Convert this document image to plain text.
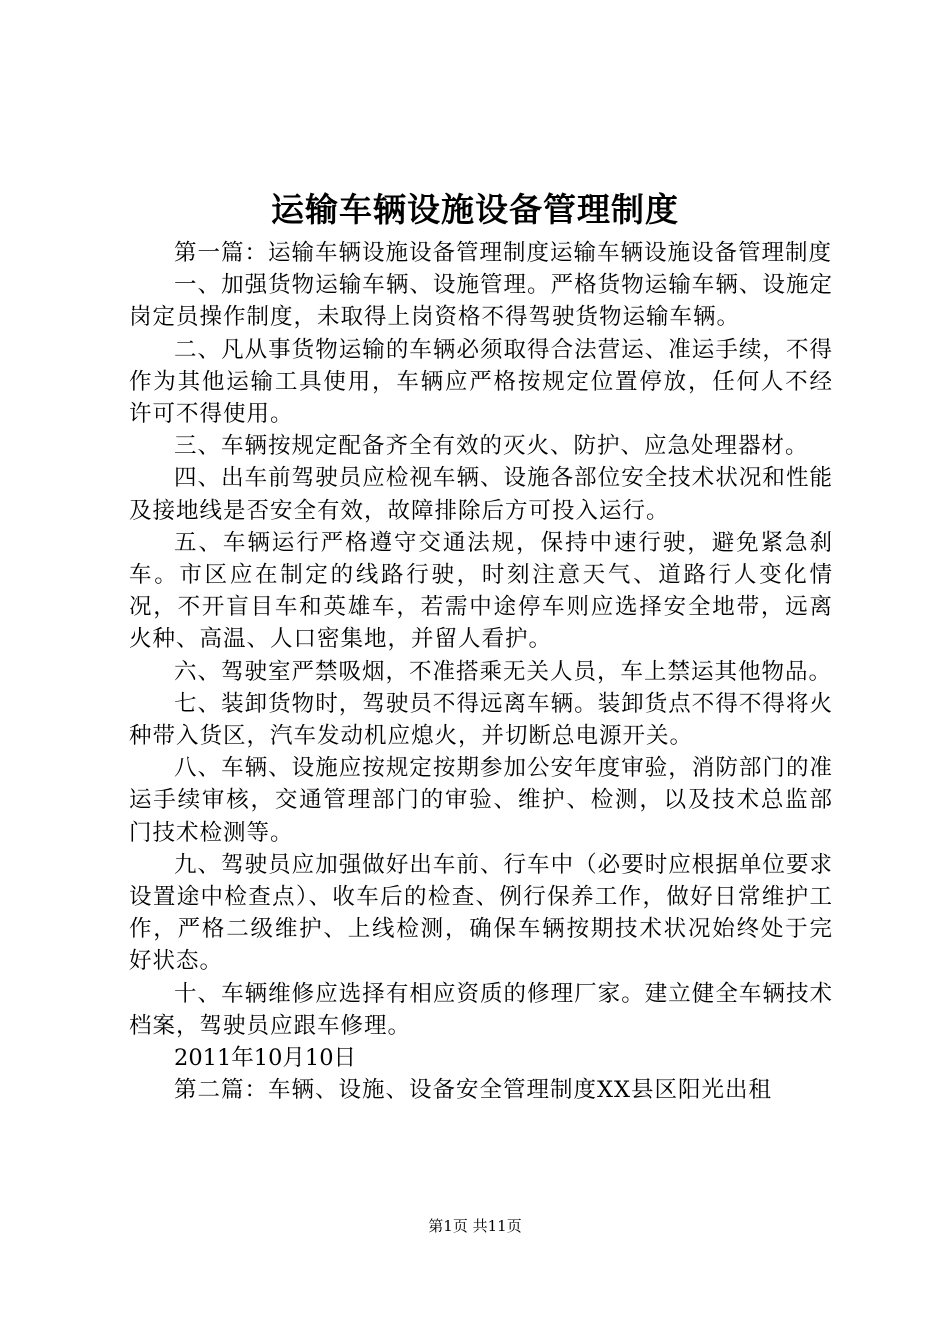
运输车辆设施设备管理制度

第一篇：运输车辆设施设备管理制度运输车辆设施设备管理制度

一、加强货物运输车辆、设施管理。严格货物运输车辆、设施定岗定员操作制度，未取得上岗资格不得驾驶货物运输车辆。

二、凡从事货物运输的车辆必须取得合法营运、准运手续，不得作为其他运输工具使用，车辆应严格按规定位置停放，任何人不经许可不得使用。

三、车辆按规定配备齐全有效的灭火、防护、应急处理器材。

四、出车前驾驶员应检视车辆、设施各部位安全技术状况和性能及接地线是否安全有效，故障排除后方可投入运行。

五、车辆运行严格遵守交通法规，保持中速行驶，避免紧急刹车。市区应在制定的线路行驶，时刻注意天气、道路行人变化情况，不开盲目车和英雄车，若需中途停车则应选择安全地带，远离火种、高温、人口密集地，并留人看护。

六、驾驶室严禁吸烟，不准搭乘无关人员，车上禁运其他物品。

七、装卸货物时，驾驶员不得远离车辆。装卸货点不得不得将火种带入货区，汽车发动机应熄火，并切断总电源开关。

八、车辆、设施应按规定按期参加公安年度审验，消防部门的准运手续审核，交通管理部门的审验、维护、检测，以及技术总监部门技术检测等。

九、驾驶员应加强做好出车前、行车中（必要时应根据单位要求设置途中检查点）、收车后的检查、例行保养工作，做好日常维护工作，严格二级维护、上线检测，确保车辆按期技术状况始终处于完好状态。

十、车辆维修应选择有相应资质的修理厂家。建立健全车辆技术档案，驾驶员应跟车修理。

2011年10月10日

第二篇：车辆、设施、设备安全管理制度XX县区阳光出租

第1页 共11页
